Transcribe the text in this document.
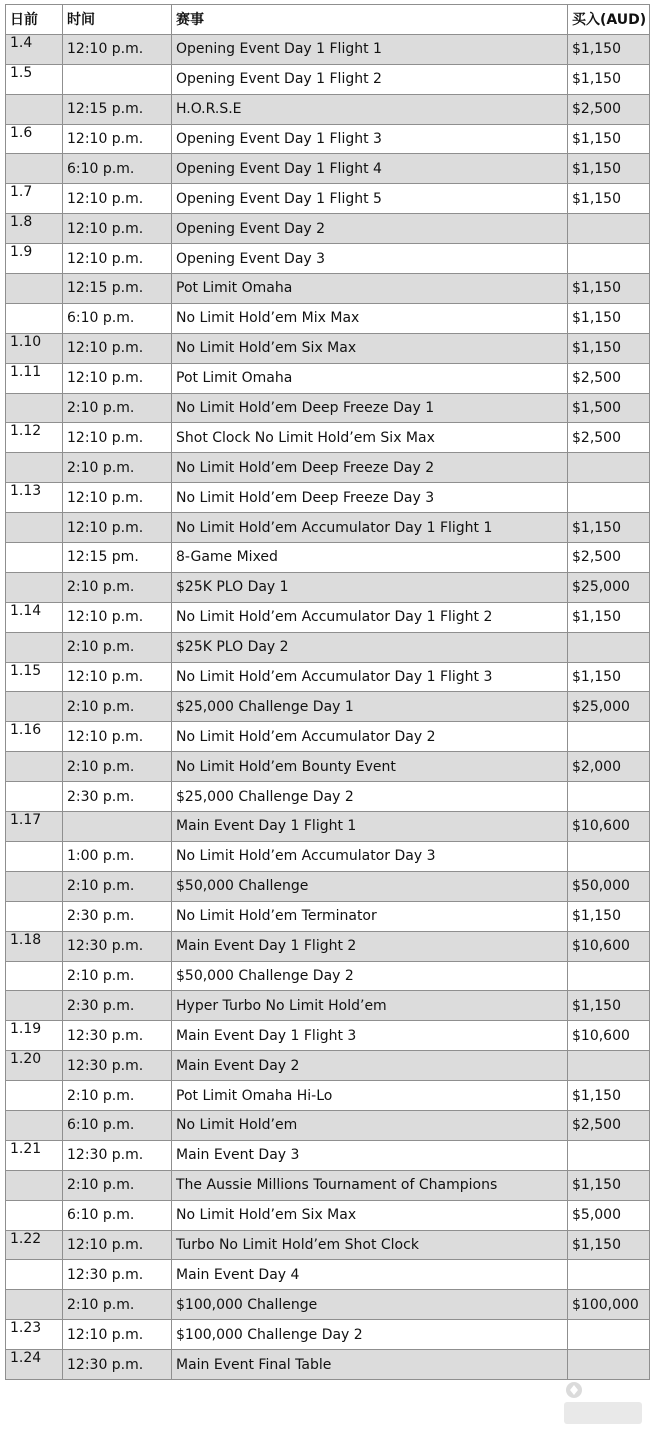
日前	时间	赛事	买入(AUD)
1.4	12:10 p.m.	Opening Event Day 1 Flight 1	$1,150
1.5		Opening Event Day 1 Flight 2	$1,150
	12:15 p.m.	H.O.R.S.E	$2,500
1.6	12:10 p.m.	Opening Event Day 1 Flight 3	$1,150
	6:10 p.m.	Opening Event Day 1 Flight 4	$1,150
1.7	12:10 p.m.	Opening Event Day 1 Flight 5	$1,150
1.8	12:10 p.m.	Opening Event Day 2	
1.9	12:10 p.m.	Opening Event Day 3	
	12:15 p.m.	Pot Limit Omaha	$1,150
	6:10 p.m.	No Limit Hold’em Mix Max	$1,150
1.10	12:10 p.m.	No Limit Hold’em Six Max	$1,150
1.11	12:10 p.m.	Pot Limit Omaha	$2,500
	2:10 p.m.	No Limit Hold’em Deep Freeze Day 1	$1,500
1.12	12:10 p.m.	Shot Clock No Limit Hold’em Six Max	$2,500
	2:10 p.m.	No Limit Hold’em Deep Freeze Day 2	
1.13	12:10 p.m.	No Limit Hold’em Deep Freeze Day 3	
	12:10 p.m.	No Limit Hold’em Accumulator Day 1 Flight 1	$1,150
	12:15 pm.	8-Game Mixed	$2,500
	2:10 p.m.	$25K PLO Day 1	$25,000
1.14	12:10 p.m.	No Limit Hold’em Accumulator Day 1 Flight 2	$1,150
	2:10 p.m.	$25K PLO Day 2	
1.15	12:10 p.m.	No Limit Hold’em Accumulator Day 1 Flight 3	$1,150
	2:10 p.m.	$25,000 Challenge Day 1	$25,000
1.16	12:10 p.m.	No Limit Hold’em Accumulator Day 2	
	2:10 p.m.	No Limit Hold’em Bounty Event	$2,000
	2:30 p.m.	$25,000 Challenge Day 2	
1.17		Main Event Day 1 Flight 1	$10,600
	1:00 p.m.	No Limit Hold’em Accumulator Day 3	
	2:10 p.m.	$50,000 Challenge	$50,000
	2:30 p.m.	No Limit Hold’em Terminator	$1,150
1.18	12:30 p.m.	Main Event Day 1 Flight 2	$10,600
	2:10 p.m.	$50,000 Challenge Day 2	
	2:30 p.m.	Hyper Turbo No Limit Hold’em	$1,150
1.19	12:30 p.m.	Main Event Day 1 Flight 3	$10,600
1.20	12:30 p.m.	Main Event Day 2	
	2:10 p.m.	Pot Limit Omaha Hi-Lo	$1,150
	6:10 p.m.	No Limit Hold’em	$2,500
1.21	12:30 p.m.	Main Event Day 3	
	2:10 p.m.	The Aussie Millions Tournament of Champions	$1,150
	6:10 p.m.	No Limit Hold’em Six Max	$5,000
1.22	12:10 p.m.	Turbo No Limit Hold’em Shot Clock	$1,150
	12:30 p.m.	Main Event Day 4	
	2:10 p.m.	$100,000 Challenge	$100,000
1.23	12:10 p.m.	$100,000 Challenge Day 2	
1.24	12:30 p.m.	Main Event Final Table	
